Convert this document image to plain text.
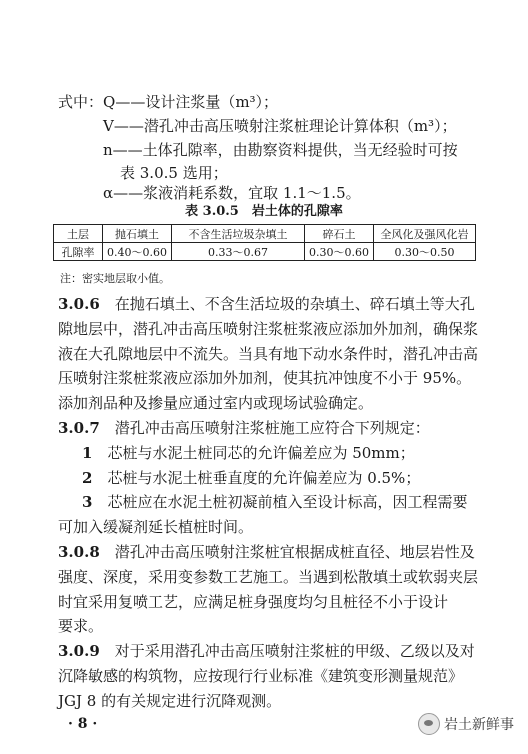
式中：Q——设计注浆量（m³）；
V——潜孔冲击高压喷射注浆桩理论计算体积（m³）；
n——土体孔隙率，由勘察资料提供，当无经验时可按
表 3.0.5 选用；
α——浆液消耗系数，宜取 1.1～1.5。
表 3.0.5　岩土体的孔隙率
土层	抛石填土	不含生活垃圾杂填土	碎石土	全风化及强风化岩
孔隙率	0.40～0.60	0.33～0.67	0.30～0.60	0.30～0.50
注：密实地层取小值。
3.0.6　在抛石填土、不含生活垃圾的杂填土、碎石填土等大孔
隙地层中，潜孔冲击高压喷射注浆桩浆液应添加外加剂，确保浆
液在大孔隙地层中不流失。当具有地下动水条件时，潜孔冲击高
压喷射注浆桩浆液应添加外加剂，使其抗冲蚀度不小于 95%。
添加剂品种及掺量应通过室内或现场试验确定。
3.0.7　潜孔冲击高压喷射注浆桩施工应符合下列规定：
1　芯桩与水泥土桩同芯的允许偏差应为 50mm；
2　芯桩与水泥土桩垂直度的允许偏差应为 0.5%；
3　芯桩应在水泥土桩初凝前植入至设计标高，因工程需要
可加入缓凝剂延长植桩时间。
3.0.8　潜孔冲击高压喷射注浆桩宜根据成桩直径、地层岩性及
强度、深度，采用变参数工艺施工。当遇到松散填土或软弱夹层
时宜采用复喷工艺，应满足桩身强度均匀且桩径不小于设计
要求。
3.0.9　对于采用潜孔冲击高压喷射注浆桩的甲级、乙级以及对
沉降敏感的构筑物，应按现行行业标准《建筑变形测量规范》
JGJ 8 的有关规定进行沉降观测。
· 8 ·	岩土新鲜事
